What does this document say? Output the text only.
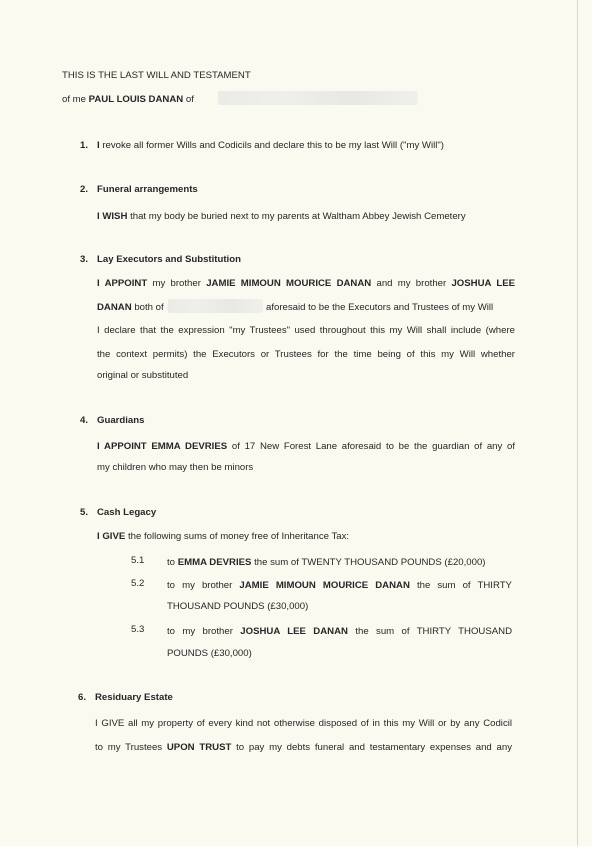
THIS IS THE LAST WILL AND TESTAMENT
of me PAUL LOUIS DANAN of
1. I revoke all former Wills and Codicils and declare this to be my last Will ("my Will")
2. Funeral arrangements
I WISH that my body be buried next to my parents at Waltham Abbey Jewish Cemetery
3. Lay Executors and Substitution
I APPOINT my brother JAMIE MIMOUN MOURICE DANAN and my brother JOSHUA LEE
DANAN both of	aforesaid to be the Executors and Trustees of my Will
I declare that the expression "my Trustees" used throughout this my Will shall include (where
the context permits) the Executors or Trustees for the time being of this my Will whether
original or substituted
4. Guardians
I APPOINT EMMA DEVRIES of 17 New Forest Lane aforesaid to be the guardian of any of
my children who may then be minors
5. Cash Legacy
I GIVE the following sums of money free of Inheritance Tax:
5.1 to EMMA DEVRIES the sum of TWENTY THOUSAND POUNDS (£20,000)
5.2 to my brother JAMIE MIMOUN MOURICE DANAN the sum of THIRTY
THOUSAND POUNDS (£30,000)
5.3 to my brother JOSHUA LEE DANAN the sum of THIRTY THOUSAND
POUNDS (£30,000)
6. Residuary Estate
I GIVE all my property of every kind not otherwise disposed of in this my Will or by any Codicil
to my Trustees UPON TRUST to pay my debts funeral and testamentary expenses and any
